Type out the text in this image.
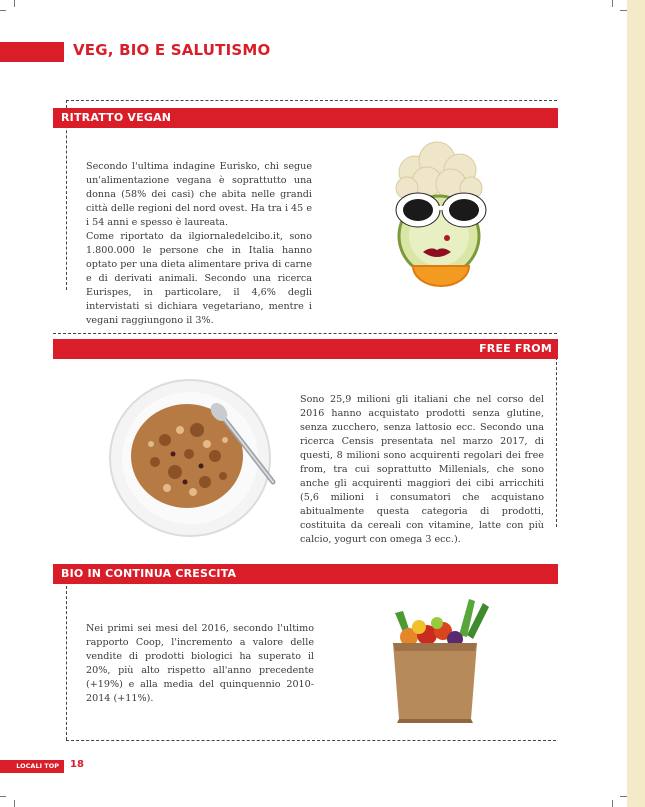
VEG, BIO E SALUTISMO
RITRATTO VEGAN

Secondo l'ultima indagine Eurisko, chi segue un'alimentazione vegana è soprattutto una donna (58% dei casi) che abita nelle grandi città delle regioni del nord ovest. Ha tra i 45 e i 54 anni e spesso è laureata.

Come riportato da ilgiornaledelcibo.it, sono 1.800.000 le persone che in Italia hanno optato per una dieta alimentare priva di carne e di derivati animali. Secondo una ricerca Eurispes, in particolare, il 4,6% degli intervistati si dichiara vegetariano, mentre i vegani raggiungono il 3%.

FREE FROM

Sono 25,9 milioni gli italiani che nel corso del 2016 hanno acquistato prodotti senza glutine, senza zucchero, senza lattosio ecc. Secondo una ricerca Censis presentata nel marzo 2017, di questi, 8 milioni sono acquirenti regolari dei free from, tra cui soprattutto Millenials, che sono anche gli acquirenti maggiori dei cibi arricchiti (5,6 milioni i consumatori che acquistano abitualmente questa categoria di prodotti, costituita da cereali con vitamine, latte con più calcio, yogurt con omega 3 ecc.).

BIO IN CONTINUA CRESCITA

Nei primi sei mesi del 2016, secondo l'ultimo rapporto Coop, l'incremento a valore delle vendite di prodotti biologici ha superato il 20%, più alto rispetto all'anno precedente (+19%) e alla media del quinquennio 2010-2014 (+11%).

LOCALI TOP	18
